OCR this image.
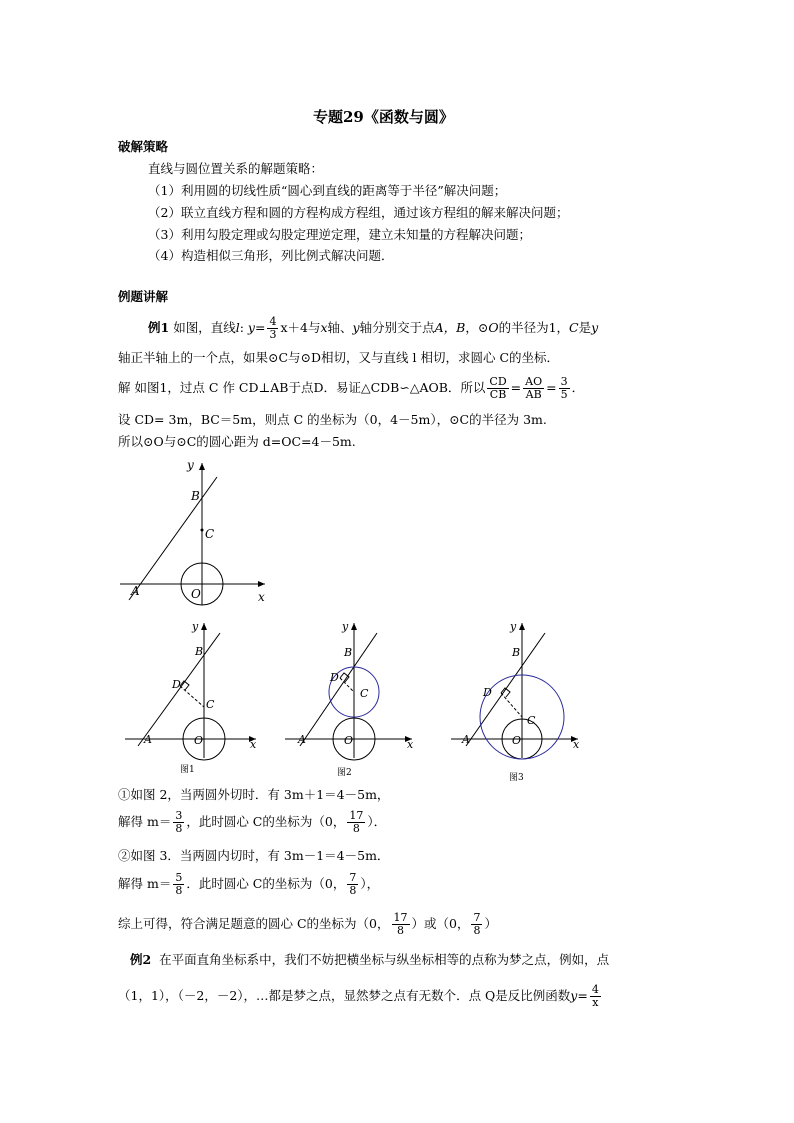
专题29《函数与圆》
破解策略
直线与圆位置关系的解题策略：
（1）利用圆的切线性质“圆心到直线的距离等于半径”解决问题；
（2）联立直线方程和圆的方程构成方程组，通过该方程组的解来解决问题；
（3）利用勾股定理或勾股定理逆定理，建立未知量的方程解决问题；
（4）构造相似三角形，列比例式解决问题．
例题讲解
例1
如图，直线 l : $y = \frac{4}{3} x+4$ 与 x 轴、 y 轴分别交于点 A，B ，⊙ O 的半径为1， C 是 y
轴正半轴上的一个点，如果⊙C与⊙D相切，又与直线 l 相切，求圆心 C的坐标．
解 如图1，过点 C 作 CD⊥AB于点D．易证△CDB∽△AOB．所以 $\frac{CD}{CB} = \frac{AO}{AB} = \frac{3}{5}$ ．
设 CD= 3m，BC＝5m，则点 C 的坐标为（0，4－5m），⊙C的半径为 3m.
所以⊙O与⊙C的圆心距为 d=OC=4－5m.
x
y
B
C
A	O
x
y
B
D
C
A	O
图1
x
y
B
D
C
A	O
图2
x
y
B
D
C
A	O
图3
①如图 2，当两圆外切时．有 3m＋1＝4－5m，
解得 $m= \frac{3}{8}$ ，此时圆心 C的坐标为（0， $\frac{17}{8}$ ）．
②如图 3．当两圆内切时，有 3m－1＝4－5m．
解得 $m= \frac{5}{8}$ ．此时圆心 C的坐标为（0， $\frac{7}{8}$ ），
综上可得，符合满足题意的圆心 C的坐标为（0， $\frac{17}{8}$ ）或（0， $\frac{7}{8}$ ）
例2 在平面直角坐标系中，我们不妨把横坐标与纵坐标相等的点称为梦之点，例如，点
（1，1），（－2，－2），…都是梦之点，显然梦之点有无数个．点 Q是反比例函数 $y = \frac{4}{x}$
